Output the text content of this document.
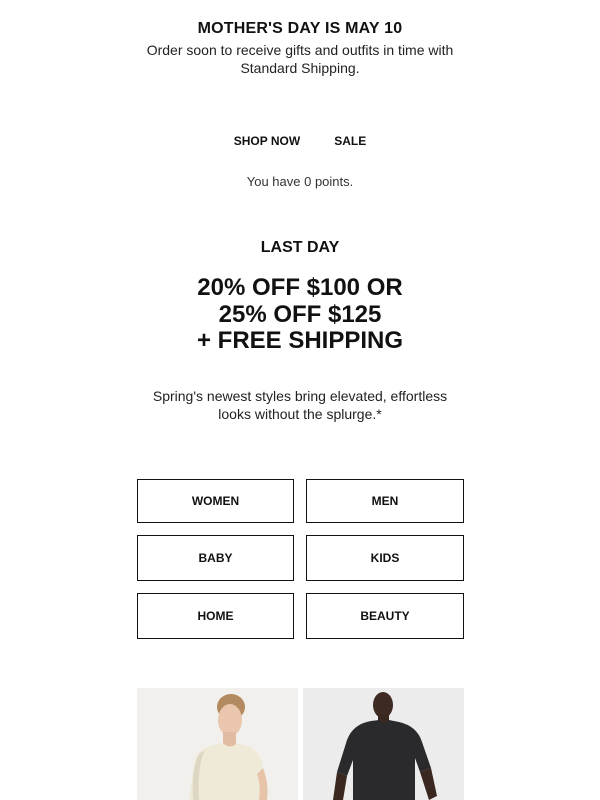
MOTHER'S DAY IS MAY 10
Order soon to receive gifts and outfits in time with Standard Shipping.
SHOP NOW	SALE
You have 0 points.
LAST DAY
20% OFF $100 OR
25% OFF $125
+ FREE SHIPPING
Spring's newest styles bring elevated, effortless looks without the splurge.*
WOMEN	MEN
BABY	KIDS
HOME	BEAUTY
